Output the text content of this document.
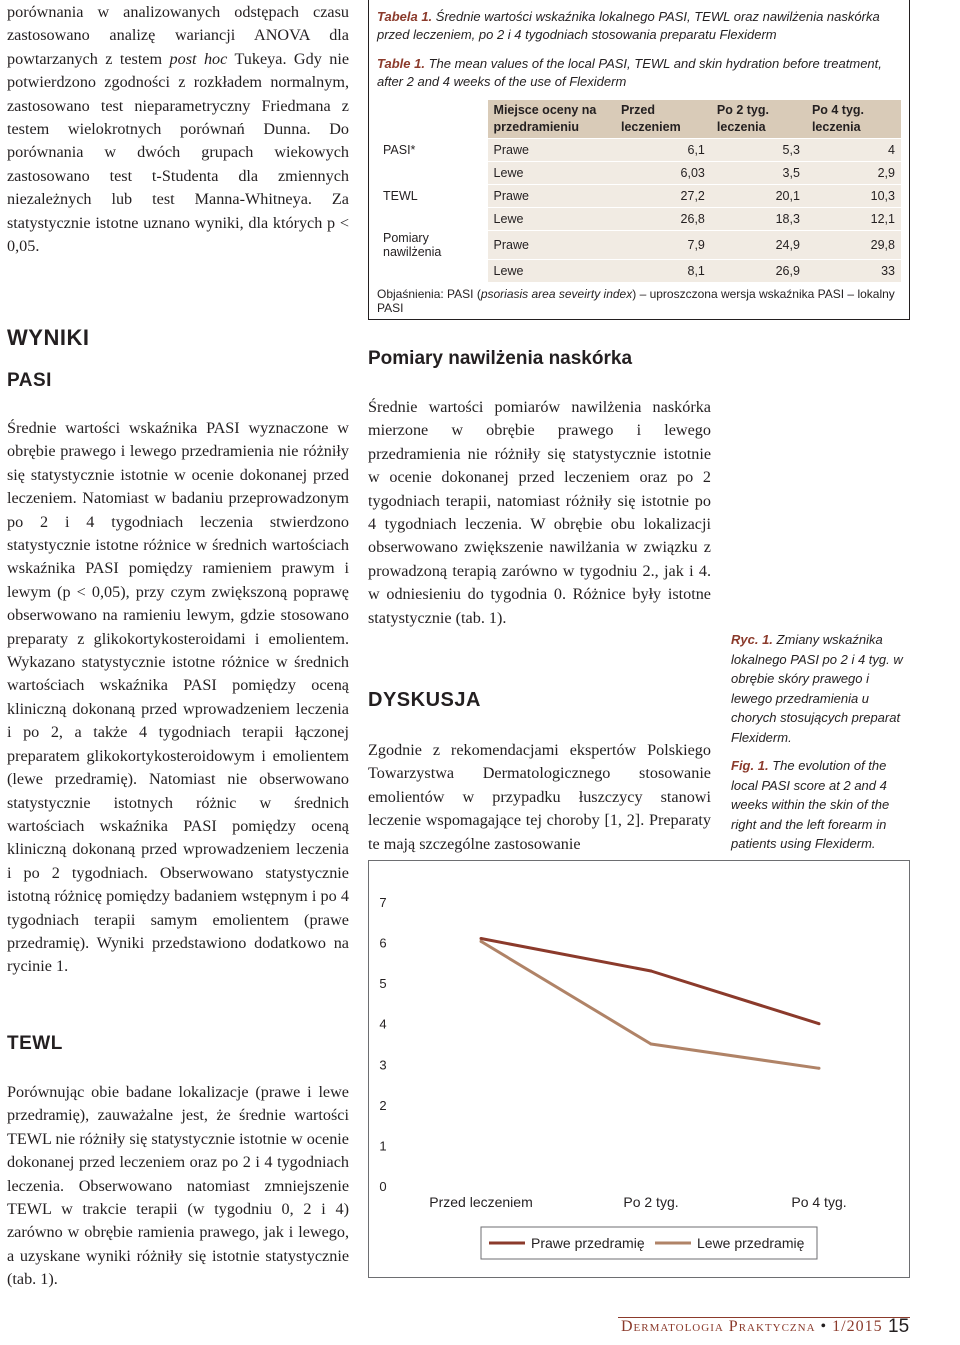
porównania w analizowanych odstępach czasu zastosowano analizę wariancji ANOVA dla powtarzanych z testem post hoc Tukeya. Gdy nie potwierdzono zgodności z rozkładem normalnym, zastosowano test nieparametryczny Friedmana z testem wielokrotnych porównań Dunna. Do porównania w dwóch grupach wiekowych zastosowano test t-Studenta dla zmiennych niezależnych lub test Manna-Whitneya. Za statystycznie istotne uznano wyniki, dla których p < 0,05.
WYNIKI
PASI
Średnie wartości wskaźnika PASI wyznaczone w obrębie prawego i lewego przedramienia nie różniły się statystycznie istotnie w ocenie dokonanej przed leczeniem. Natomiast w badaniu przeprowadzonym po 2 i 4 tygodniach leczenia stwierdzono statystycznie istotne różnice w średnich wartościach wskaźnika PASI pomiędzy ramieniem prawym i lewym (p < 0,05), przy czym zwiększoną poprawę obserwowano na ramieniu lewym, gdzie stosowano preparaty z glikokortykosteroidami i emolientem. Wykazano statystycznie istotne różnice w średnich wartościach wskaźnika PASI pomiędzy oceną kliniczną dokonaną przed wprowadzeniem leczenia i po 2, a także 4 tygodniach terapii łączonej preparatem glikokortykosteroidowym i emolientem (lewe przedramię). Natomiast nie obserwowano statystycznie istotnych różnic w średnich wartościach wskaźnika PASI pomiędzy oceną kliniczną dokonaną przed wprowadzeniem leczenia i po 2 tygodniach. Obserwowano statystycznie istotną różnicę pomiędzy badaniem wstępnym i po 4 tygodniach terapii samym emolientem (prawe przedramię). Wyniki przedstawiono dodatkowo na rycinie 1.
TEWL
Porównując obie badane lokalizacje (prawe i lewe przedramię), zauważalne jest, że średnie wartości TEWL nie różniły się statystycznie istotnie w ocenie dokonanej przed leczeniem oraz po 2 i 4 tygodniach leczenia. Obserwowano natomiast zmniejszenie TEWL w trakcie terapii (w tygodniu 0, 2 i 4) zarówno w obrębie ramienia prawego, jak i lewego, a uzyskane wyniki różniły się istotnie statystycznie (tab. 1).
Tabela 1. Średnie wartości wskaźnika lokalnego PASI, TEWL oraz nawilżenia naskórka przed leczeniem, po 2 i 4 tygodniach stosowania preparatu Flexiderm
Table 1. The mean values of the local PASI, TEWL and skin hydration before treatment, after 2 and 4 weeks of the use of Flexiderm
	Miejsce oceny na przedramieniu	Przed leczeniem	Po 2 tyg. leczenia	Po 4 tyg. leczenia
PASI*	Prawe	6,1	5,3	4
	Lewe	6,03	3,5	2,9
TEWL	Prawe	27,2	20,1	10,3
	Lewe	26,8	18,3	12,1
Pomiary nawilżenia	Prawe	7,9	24,9	29,8
	Lewe	8,1	26,9	33
Objaśnienia: PASI (psoriasis area seveirty index) – uproszczona wersja wskaźnika PASI – lokalny PASI
Pomiary nawilżenia naskórka
Średnie wartości pomiarów nawilżenia naskórka mierzone w obrębie prawego i lewego przedramienia nie różniły się statystycznie istotnie w ocenie dokonanej przed leczeniem oraz po 2 tygodniach terapii, natomiast różniły się istotnie po 4 tygodniach leczenia. W obrębie obu lokalizacji obserwowano zwiększenie nawilżania w związku z prowadzoną terapią zarówno w tygodniu 2., jak i 4. w odniesieniu do tygodnia 0. Różnice były istotne statystycznie (tab. 1).
DYSKUSJA
Zgodnie z rekomendacjami ekspertów Polskiego Towarzystwa Dermatologicznego stosowanie emolientów w przypadku łuszczycy stanowi leczenie wspomagające tej choroby [1, 2]. Preparaty te mają szczególne zastosowanie
Ryc. 1. Zmiany wskaźnika lokalnego PASI po 2 i 4 tyg. w obrębie skóry prawego i lewego przedramienia u chorych stosujących preparat Flexiderm.
Fig. 1. The evolution of the local PASI score at 2 and 4 weeks within the skin of the right and the left forearm in patients using Flexiderm.
0
1
2
3
4
5
6
7
Przed leczeniem	Po 2 tyg.	Po 4 tyg.
Prawe przedramię	Lewe przedramię
Dermatologia Praktyczna • 1/2015 15
